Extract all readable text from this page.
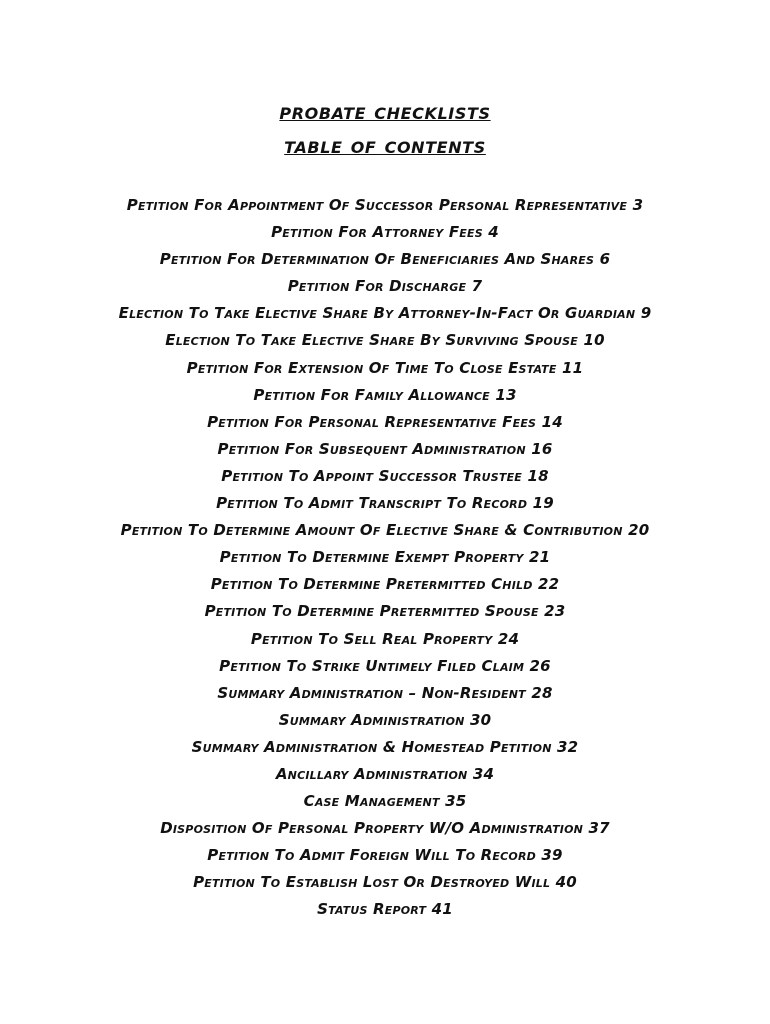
PROBATE CHECKLISTS
TABLE OF CONTENTS
Petition For Appointment Of Successor Personal Representative 3
Petition For Attorney Fees 4
Petition For Determination Of Beneficiaries And Shares 6
Petition For Discharge 7
Election To Take Elective Share By Attorney-In-Fact Or Guardian 9
Election To Take Elective Share By Surviving Spouse 10
Petition For Extension Of Time To Close Estate 11
Petition For Family Allowance 13
Petition For Personal Representative Fees 14
Petition For Subsequent Administration 16
Petition To Appoint Successor Trustee 18
Petition To Admit Transcript To Record 19
Petition To Determine Amount Of Elective Share & Contribution 20
Petition To Determine Exempt Property 21
Petition To Determine Pretermitted Child 22
Petition To Determine Pretermitted Spouse 23
Petition To Sell Real Property 24
Petition To Strike Untimely Filed Claim 26
Summary Administration – Non-Resident 28
Summary Administration 30
Summary Administration & Homestead Petition 32
Ancillary Administration 34
Case Management 35
Disposition Of Personal Property W/O Administration 37
Petition To Admit Foreign Will To Record 39
Petition To Establish Lost Or Destroyed Will 40
Status Report 41
